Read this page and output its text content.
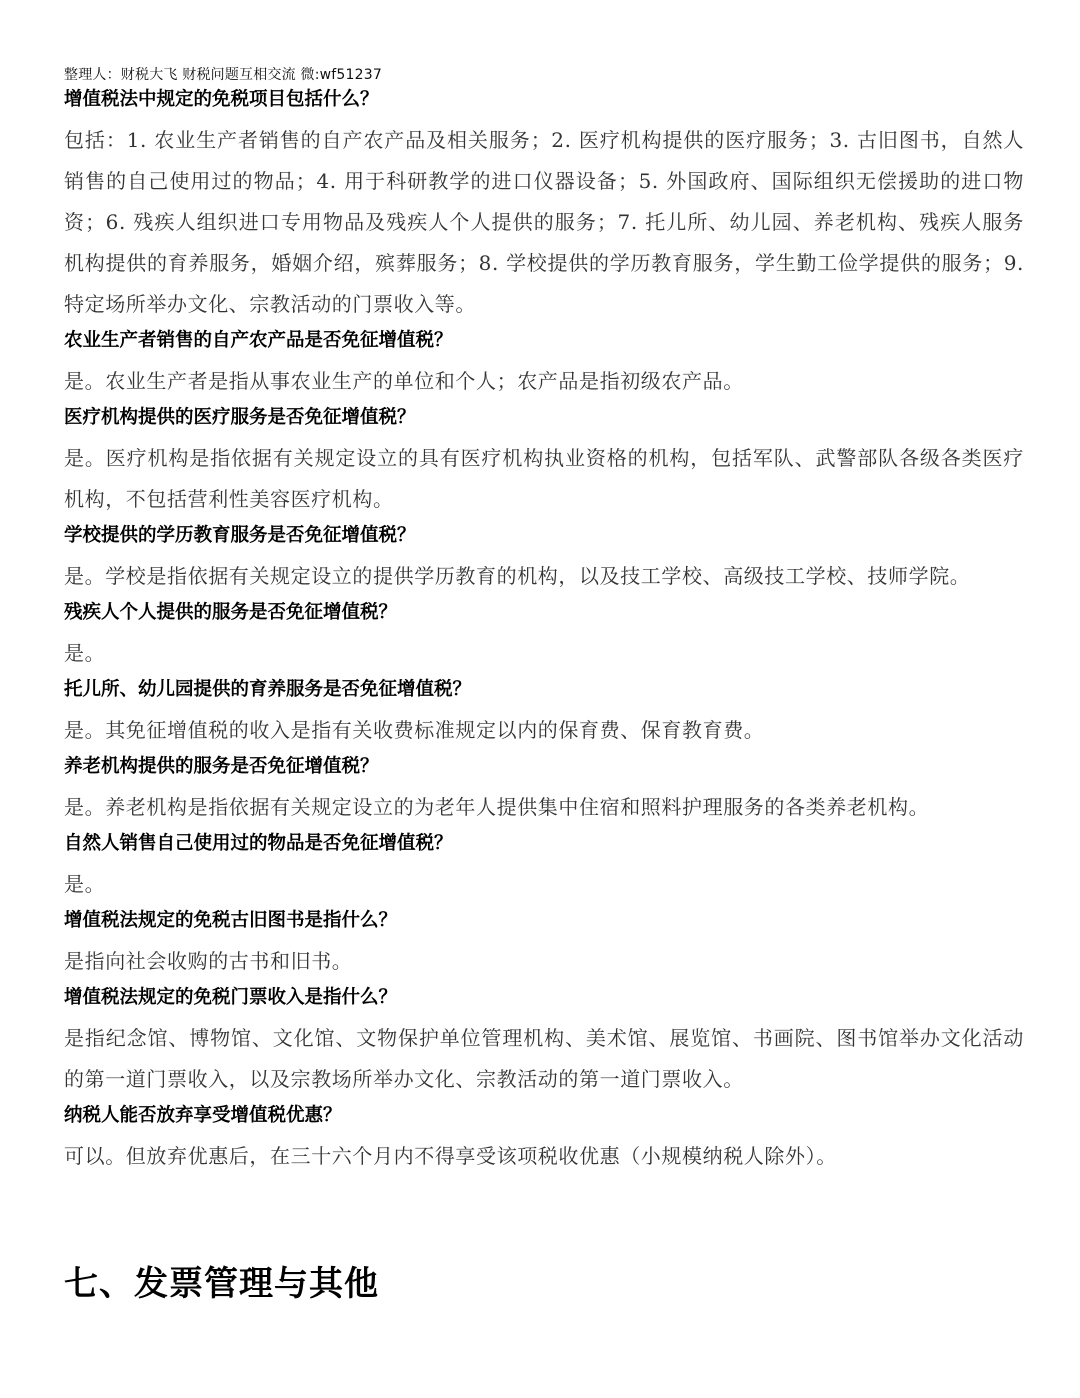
整理人：财税大飞 财税问题互相交流 微:wf51237
增值税法中规定的免税项目包括什么？
包括：1. 农业生产者销售的自产农产品及相关服务；2. 医疗机构提供的医疗服务；3. 古旧图书，自然人销售的自己使用过的物品；4. 用于科研教学的进口仪器设备；5. 外国政府、国际组织无偿援助的进口物资；6. 残疾人组织进口专用物品及残疾人个人提供的服务；7. 托儿所、幼儿园、养老机构、残疾人服务机构提供的育养服务，婚姻介绍，殡葬服务；8. 学校提供的学历教育服务，学生勤工俭学提供的服务；9. 特定场所举办文化、宗教活动的门票收入等。
农业生产者销售的自产农产品是否免征增值税？
是。农业生产者是指从事农业生产的单位和个人；农产品是指初级农产品。
医疗机构提供的医疗服务是否免征增值税？
是。医疗机构是指依据有关规定设立的具有医疗机构执业资格的机构，包括军队、武警部队各级各类医疗机构，不包括营利性美容医疗机构。
学校提供的学历教育服务是否免征增值税？
是。学校是指依据有关规定设立的提供学历教育的机构，以及技工学校、高级技工学校、技师学院。
残疾人个人提供的服务是否免征增值税？
是。
托儿所、幼儿园提供的育养服务是否免征增值税？
是。其免征增值税的收入是指有关收费标准规定以内的保育费、保育教育费。
养老机构提供的服务是否免征增值税？
是。养老机构是指依据有关规定设立的为老年人提供集中住宿和照料护理服务的各类养老机构。
自然人销售自己使用过的物品是否免征增值税？
是。
增值税法规定的免税古旧图书是指什么？
是指向社会收购的古书和旧书。
增值税法规定的免税门票收入是指什么？
是指纪念馆、博物馆、文化馆、文物保护单位管理机构、美术馆、展览馆、书画院、图书馆举办文化活动的第一道门票收入，以及宗教场所举办文化、宗教活动的第一道门票收入。
纳税人能否放弃享受增值税优惠？
可以。但放弃优惠后，在三十六个月内不得享受该项税收优惠（小规模纳税人除外）。
七、发票管理与其他
